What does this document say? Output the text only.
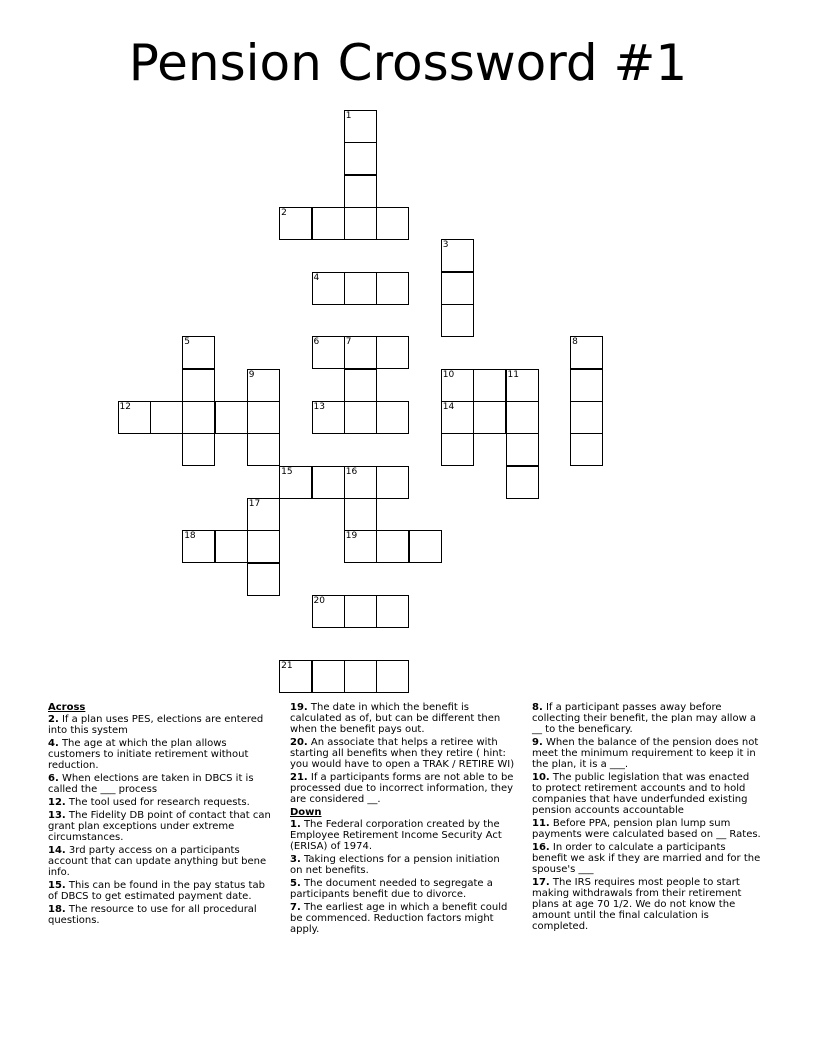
Pension Crossword #1
1
2
3
4
5	6	7	8
9	10	11
12	13	14
15	16
17
18	19
20
21
Across
2. If a plan uses PES, elections are entered into this system
4. The age at which the plan allows customers to initiate retirement without reduction.
6. When elections are taken in DBCS it is called the ___ process
12. The tool used for research requests.
13. The Fidelity DB point of contact that can grant plan exceptions under extreme circumstances.
14. 3rd party access on a participants account that can update anything but bene info.
15. This can be found in the pay status tab of DBCS to get estimated payment date.
18. The resource to use for all procedural questions.
19. The date in which the benefit is calculated as of, but can be different then when the benefit pays out.
20. An associate that helps a retiree with starting all benefits when they retire ( hint: you would have to open a TRAK / RETIRE WI)
21. If a participants forms are not able to be processed due to incorrect information, they are considered __.
Down
1. The Federal corporation created by the Employee Retirement Income Security Act (ERISA) of 1974.
3. Taking elections for a pension initiation on net benefits.
5. The document needed to segregate a participants benefit due to divorce.
7. The earliest age in which a benefit could be commenced. Reduction factors might apply.
8. If a participant passes away before collecting their benefit, the plan may allow a __ to the beneficary.
9. When the balance of the pension does not meet the minimum requirement to keep it in the plan, it is a ___.
10. The public legislation that was enacted to protect retirement accounts and to hold companies that have underfunded existing pension accounts accountable
11. Before PPA, pension plan lump sum payments were calculated based on __ Rates.
16. In order to calculate a participants benefit we ask if they are married and for the spouse's ___
17. The IRS requires most people to start making withdrawals from their retirement plans at age 70 1/2. We do not know the amount until the final calculation is completed.
